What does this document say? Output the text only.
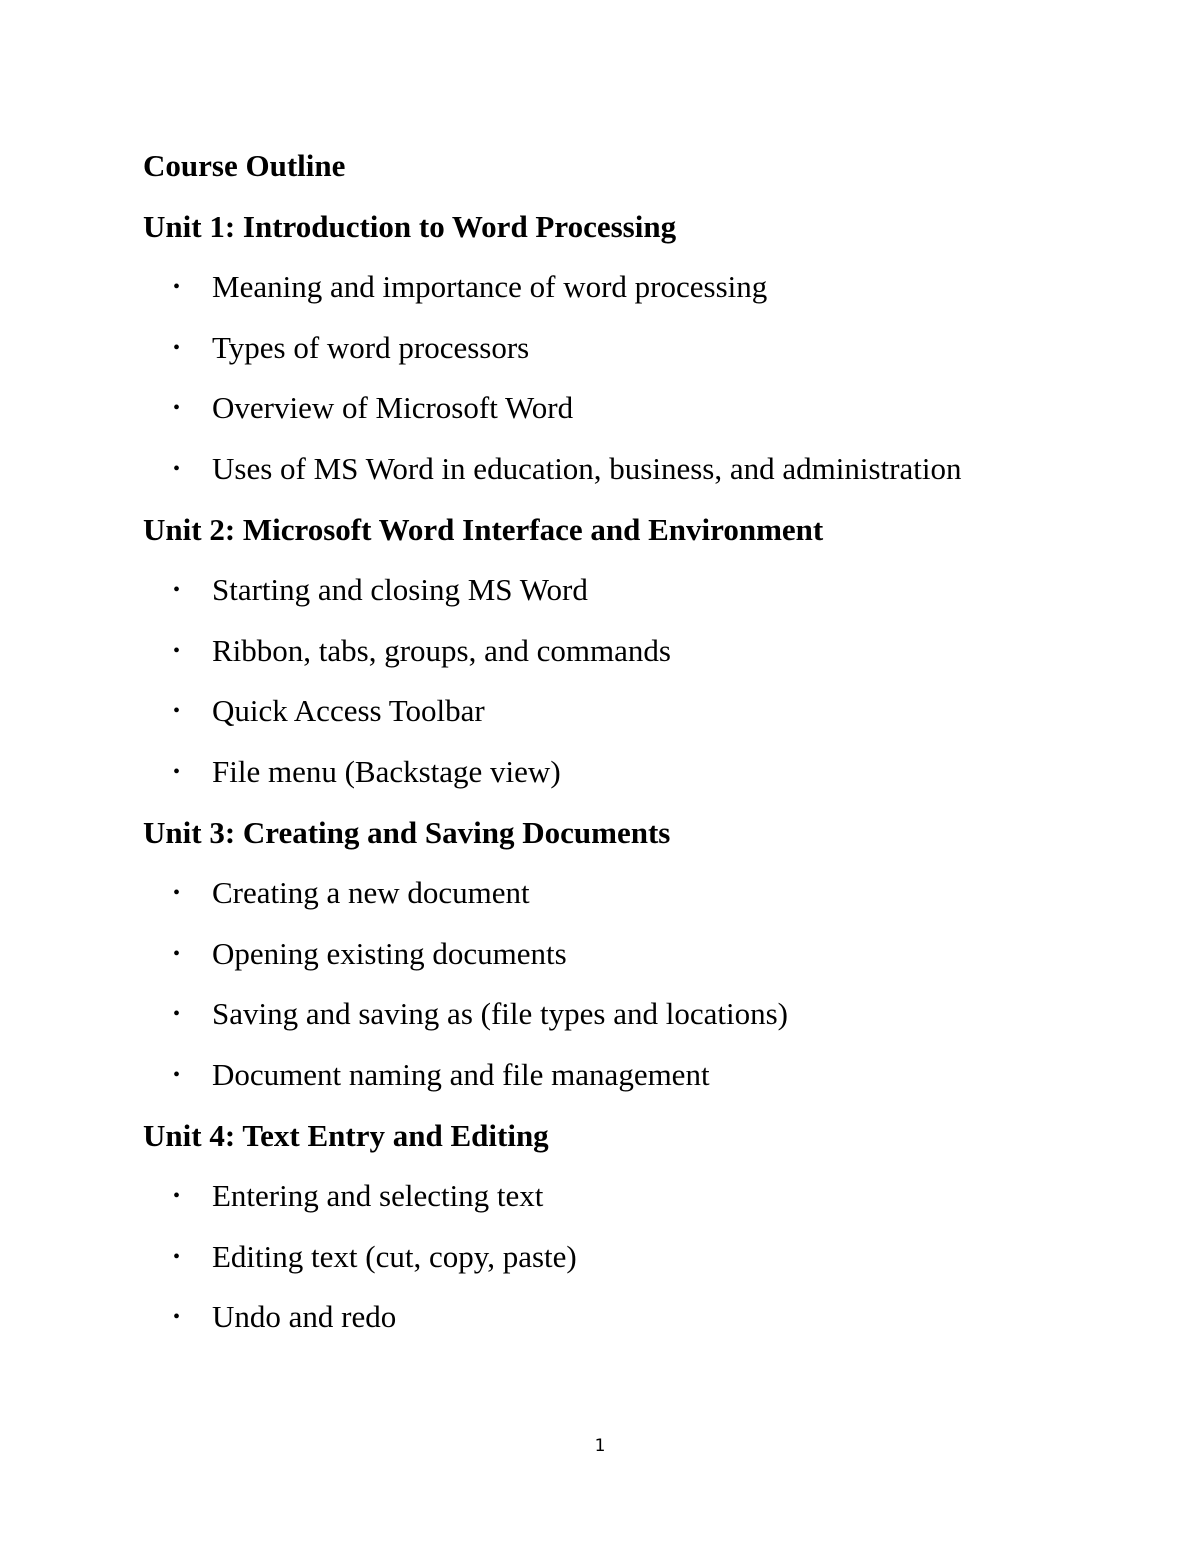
Course Outline
Unit 1: Introduction to Word Processing
• Meaning and importance of word processing
• Types of word processors
• Overview of Microsoft Word
• Uses of MS Word in education, business, and administration
Unit 2: Microsoft Word Interface and Environment
• Starting and closing MS Word
• Ribbon, tabs, groups, and commands
• Quick Access Toolbar
• File menu (Backstage view)
Unit 3: Creating and Saving Documents
• Creating a new document
• Opening existing documents
• Saving and saving as (file types and locations)
• Document naming and file management
Unit 4: Text Entry and Editing
• Entering and selecting text
• Editing text (cut, copy, paste)
• Undo and redo
1
